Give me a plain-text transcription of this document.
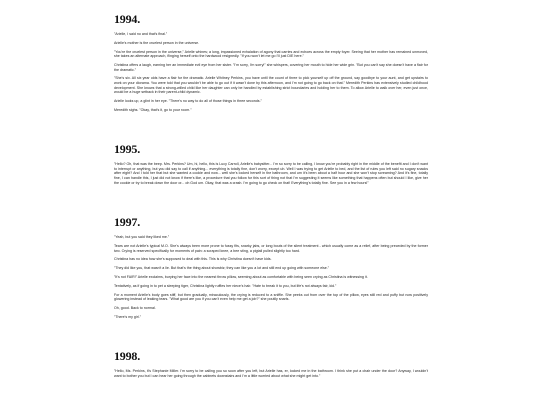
1994.

"Arielle, I said no and that's final."

Arielle's mother is the cruelest person in the universe.

"You're the cruelest person in the universe," Arielle whines; a long, impassioned exhalation of agony that carries and echoes across the empty foyer. Seeing that her mother has remained unmoved, she takes an alternate approach, flinging herself onto the hardwood resignedly. "If you won't let me go I'll just DIE here."

Christina offers a laugh, earning her an immediate evil eye from her sister. "I'm sorry, I'm sorry!" she whispers, covering her mouth to hide her wide grin. "But you can't say she doesn't have a flair for the dramatic."

"She's six. All six year olds have a flair for the dramatic. Arielle Whitney Perkins, you have until the count of three to pick yourself up off the ground, say goodbye to your aunt, and get upstairs to work on your diorama. You were told that you wouldn't be able to go out if it wasn't done by this afternoon, and I'm not going to go back on that." Meredith Perkins has extensively studied childhood development. She knows that a strong-willed child like her daughter can only be handled by establishing strict boundaries and holding her to them. To allow Arielle to walk over her, even just once, would be a huge setback in their parent-child dynamic.

Arielle looks up, a glint in her eye. "There's no way to do all of those things in three seconds."

Meredith sighs. "Okay, that's it, go to your room."

1995.

"Hello? Oh, that was the beep. Mrs. Perkins? Um, hi, hello, this is Lucy Carroll, Arielle's babysitter... I'm so sorry to be calling, I know you're probably right in the middle of the benefit and I don't want to interrupt or anything, but you did say to call if anything... everything is totally fine, don't worry, except uh. Well I was trying to get Arielle to bed, and the list of rules you left said no sugary snacks after eight? And I told her that but she wanted a cookie and now... well she's locked herself in the bathroom, and um it's been about a half hour and she won't stop screaming? And it's fine, totally fine, I can handle this, I just did not know if there's like, a procedure that you follow for this sort of thing not that I'm suggesting it seems like something that happens often but should I like, give her the cookie or try to break down the door or... oh God um. Okay, that was a crash. I'm going to go check on that! Everything's totally fine. See you in a few hours!"

1997.

"Yeah, but you said they liked me."

Tears are not Arielle's typical M.O. She's always been more prone to fussy fits, snarky jabs, or long bouts of the silent treatment - which usually come as a relief, after being preceded by the former two. Crying is reserved specifically for moments of pain: a scraped knee, a bee sting, a pigtail pulled slightly too hard.

Christina has no idea how she's supposed to deal with this. This is why Christina doesn't have kids.

"They did like you, that wasn't a lie. But that's the thing about showbiz; they can like you a lot and still end up going with someone else."

"It's not FAIR!" Arielle exclaims, burying her face into the nearest throw pillow, seeming about as comfortable with being seen crying as Christina is witnessing it.

Tentatively, as if going in to pet a sleeping tiger, Christina lightly ruffles her niece's hair. "Hate to break it to you, but life's not always fair, kid."

For a moment Arielle's body goes stiff, but then gradually, miraculously, the crying is reduced to a sniffle. She peeks out from over the top of the pillow, eyes still red and puffy but now positively glowering instead of leaking tears. "What good are you if you can't even help me get a job?" she poutily snarls.

Oh, good. Back to normal.

"There's my girl."

1998.

"Hello, Ms. Perkins, it's Stephanie Miller. I'm sorry to be calling you so soon after you left, but Arielle has, er, locked me in the bathroom. I think she put a chair under the door? Anyway, I wouldn't want to bother you but I can hear her going through the cabinets downstairs and I'm a little worried about what she might get into."
